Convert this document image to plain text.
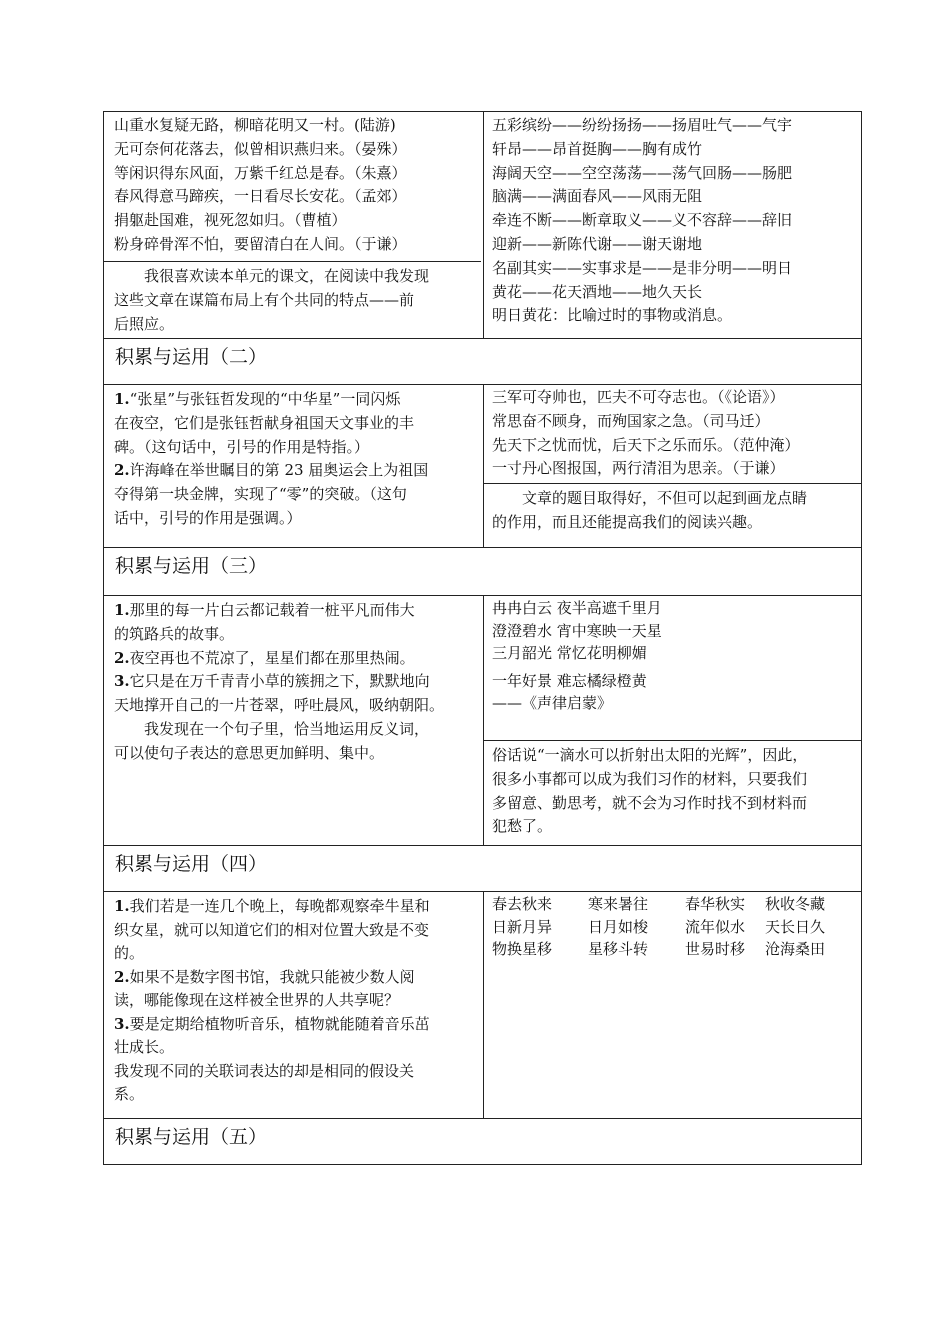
山重水复疑无路，柳暗花明又一村。(陆游)
无可奈何花落去，似曾相识燕归来。（晏殊）
等闲识得东风面，万紫千红总是春。（朱熹）
春风得意马蹄疾，一日看尽长安花。（孟郊）
捐躯赴国难，视死忽如归。（曹植）
粉身碎骨浑不怕，要留清白在人间。（于谦）
　　我很喜欢读本单元的课文，在阅读中我发现
这些文章在谋篇布局上有个共同的特点——前
后照应。
五彩缤纷——纷纷扬扬——扬眉吐气——气宇
轩昂——昂首挺胸——胸有成竹
海阔天空——空空荡荡——荡气回肠——肠肥
脑满——满面春风——风雨无阻
牵连不断——断章取义——义不容辞——辞旧
迎新——新陈代谢——谢天谢地
名副其实——实事求是——是非分明——明日
黄花——花天酒地——地久天长
明日黄花：比喻过时的事物或消息。
积累与运用（二）
1.“张星”与张钰哲发现的“中华星”一同闪烁
在夜空，它们是张钰哲献身祖国天文事业的丰
碑。（这句话中，引号的作用是特指。）
2.许海峰在举世瞩目的第 23 届奥运会上为祖国
夺得第一块金牌，实现了“零”的突破。（这句
话中，引号的作用是强调。）
三军可夺帅也，匹夫不可夺志也。（《论语》）
常思奋不顾身，而殉国家之急。（司马迁）
先天下之忧而忧，后天下之乐而乐。（范仲淹）
一寸丹心图报国，两行清泪为思亲。（于谦）
　　文章的题目取得好，不但可以起到画龙点睛
的作用，而且还能提高我们的阅读兴趣。
积累与运用（三）
1.那里的每一片白云都记载着一桩平凡而伟大
的筑路兵的故事。
2.夜空再也不荒凉了，星星们都在那里热闹。
3.它只是在万千青青小草的簇拥之下，默默地向
天地撑开自己的一片苍翠，呼吐晨风，吸纳朝阳。
　　我发现在一个句子里，恰当地运用反义词，
可以使句子表达的意思更加鲜明、集中。
冉冉白云 夜半高遮千里月
澄澄碧水 宵中寒映一天星
三月韶光 常忆花明柳媚
一年好景 难忘橘绿橙黄
——《声律启蒙》
俗话说“一滴水可以折射出太阳的光辉”，因此，
很多小事都可以成为我们习作的材料，只要我们
多留意、勤思考，就不会为习作时找不到材料而
犯愁了。
积累与运用（四）
1.我们若是一连几个晚上，每晚都观察牵牛星和
织女星，就可以知道它们的相对位置大致是不变
的。
2.如果不是数字图书馆，我就只能被少数人阅
读，哪能像现在这样被全世界的人共享呢？
3.要是定期给植物听音乐，植物就能随着音乐茁
壮成长。
我发现不同的关联词表达的却是相同的假设关
系。
春去秋来 寒来暑往 春华秋实 秋收冬藏
日新月异 日月如梭 流年似水 天长日久
物换星移 星移斗转 世易时移 沧海桑田
积累与运用（五）
